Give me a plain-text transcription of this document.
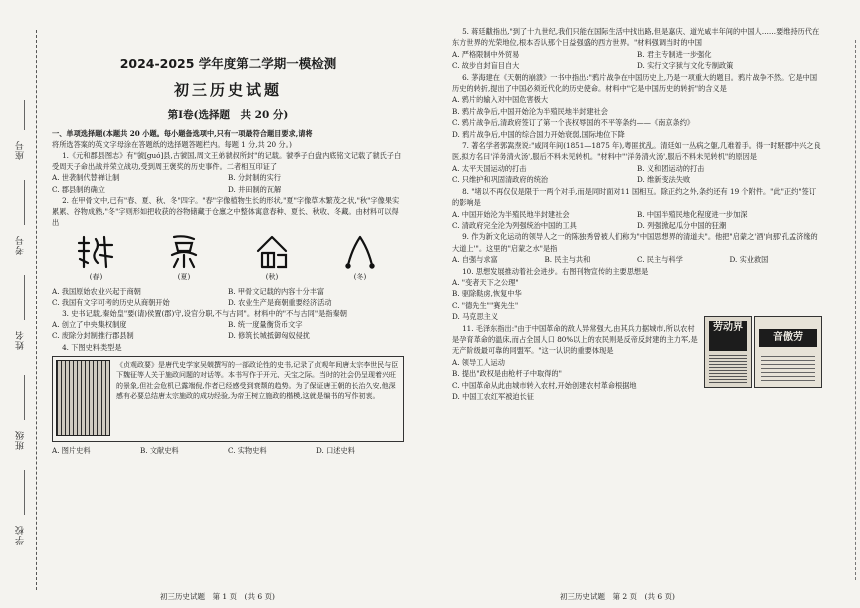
座号
考号
姓名
班级
学校
2024-2025 学年度第二学期一模检测
初三历史试题
第Ⅰ卷(选择题　共 20 分)

一、单项选择题(本题共 20 小题。每小题备选项中,只有一项最符合题目要求,请将

将所选答案的英文字母涂在答题纸的选择题答题栏内。每题 1 分,共 20 分。)

1.《元和郡县图志》有"虢[guó]县,古虢国,周文王弟虢叔所封"的记载。虢季子白盘内底铭文记载了虢氏子白受周天子命出战并荣立战功,受到周王褒奖的历史事件。二者相互印证了

A. 世袭制代替禅让制	B. 分封制的实行
C. 郡县制的确立	D. 井田制的瓦解

2. 在甲骨文中,已有"春、夏、秋、冬"四字。"春"字像植物生长的形状,"夏"字像草木繁茂之状,"秋"字像果实累累、谷物成熟,"冬"字则形如把收获的谷物储藏于仓廪之中整体寓意春种、夏长、秋收、冬藏。由材料可以得出

(春)	(夏)	(秋)	(冬)
A. 我国原始农业兴起于商朝	B. 甲骨文记载的内容十分丰富
C. 我国有文字可考的历史从商朝开始	D. 农业生产是商朝重要经济活动

3. 史书记载,秦始皇"要(请)侯置(郡)守,设官分职,不与古同"。材料中的"不与古同"是指秦朝

A. 创立了中央集权制度	B. 统一度量衡货币文字
C. 废除分封制推行郡县制	D. 修筑长城抵御匈奴侵扰

4. 下图史料类型是

《贞观政要》是唐代史学家吴兢撰写的一部政论性的史书,记录了贞观年间唐太宗李世民与臣下魏征等人关于施政问题的对话等。本书写作于开元、天宝之际。当时的社会仍呈现着兴旺的景象,但社会危机已露端倪,作者已经感受到衰颓的趋势。为了保证唐王朝的长治久安,他深感有必要总结唐太宗施政的成功经验,为帝王树立施政的楷模,这就是编书的写作初衷。
A. 图片史料	B. 文献史料	C. 实物史料	D. 口述史料
初三历史试题　第 1 页　(共 6 页)

5. 蒋廷黻指出,"到了十九世纪,我们只能在国际生活中找出路,但是嘉庆、道光咸丰年间的中国人……要维持历代在东方世界的光荣地位,根本否认那个日益强盛的西方世界。"材料强调当时的中国

A. 严格限制中外贸易	B. 君主专制进一步强化
C. 故步自封盲目自大	D. 实行文字狱与文化专制政策

6. 茅海建在《天朝的崩溃》一书中指出:"鸦片战争在中国历史上,乃是一项重大的题目。鸦片战争不然。它是中国历史的转折,提出了中国必须近代化的历史使命。材料中"它是中国历史的转折"的含义是

A. 鸦片的输入对中国危害极大

B. 鸦片战争后,中国开始沦为半殖民地半封建社会

C. 鸦片战争后,清政府签订了第一个丧权辱国的不平等条约——《南京条约》

D. 鸦片战争后,中国的综合国力开始衰弱,国际地位下降

7. 著名学者郭嵩焘说:"咸同年间(1851—1875 年),粤匪扰乱。清廷如一丛病之躯,几难着手。得一时駓郡中兴之良医,拟方名曰'洋务清火汤',服后不料未见转机。"材料中"'洋务清火汤',服后不料未见转机"的原因是

A. 太平天国运动的打击	B. 义和团运动的打击
C. 只维护和巩固清政府的统治	D. 维新变法失败

8. "堵以不再仅仅是限于一两个对手,而是同时面对11 国相互。除正约之外,条约还有 19 个附件。"此"正约"签订的影响是

A. 中国开始沦为半殖民地半封建社会	B. 中国半殖民地化程度进一步加深
C. 清政府完全沦为列强统治中国的工具	D. 列强掀起瓜分中国的狂潮

9. 作为新文化运动的领导人之一的陈独秀曾被人们称为"中国思想界的清道夫"。他把"启蒙之'酒'向那'孔孟济缘的大道上'"。这里的"启蒙之水"是指

A. 自强与求富	B. 民主与共和	C. 民主与科学	D. 实业救国

10. 思想发展推动着社会进步。右图刊物宣传的主要思想是

A. "变者天下之公理"

B. 驱除鞑虏,恢复中华

C. "德先生""赛先生"

D. 马克思主义

11. 毛泽东指出:"由于中国革命的敌人异常强大,由其兵力据城市,所以农村是孕育革命的温床,而占全国人口 80%以上的农民则是反帝反封建的主力军,是无产阶级最可靠的同盟军。"这一认识的重要体现是

A. 领导工人运动

B. 提出"政权是由枪杆子中取得的"

C. 中国革命从此由城市转入农村,开始创建农村革命根据地

D. 中国工农红军被迫长征

劳动界
音傲劳
初三历史试题　第 2 页　(共 6 页)
